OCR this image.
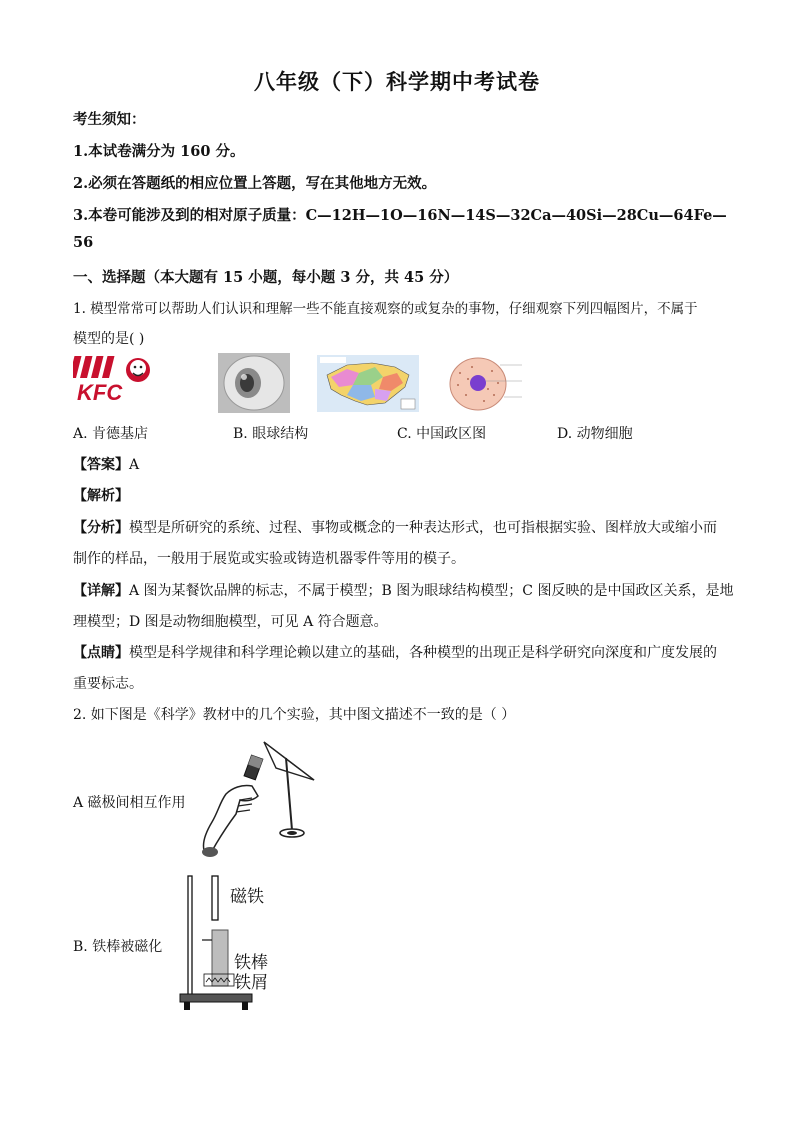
八年级（下）科学期中考试卷
考生须知：
1.本试卷满分为 160 分。
2.必须在答题纸的相应位置上答题，写在其他地方无效。
3.本卷可能涉及到的相对原子质量：C—12H—1O—16N—14S—32Ca—40Si—28Cu—64Fe—
56
一、选择题（本大题有 15 小题，每小题 3 分，共 45 分）
1. 模型常常可以帮助人们认识和理解一些不能直接观察的或复杂的事物，仔细观察下列四幅图片，不属于
模型的是( )
KFC
A. 肯德基店	B. 眼球结构	C. 中国政区图	D. 动物细胞
【答案】A
【解析】
【分析】模型是所研究的系统、过程、事物或概念的一种表达形式，也可指根据实验、图样放大或缩小而
制作的样品，一般用于展览或实验或铸造机器零件等用的模子。
【详解】A 图为某餐饮品牌的标志，不属于模型；B 图为眼球结构模型；C 图反映的是中国政区关系，是地
理模型；D 图是动物细胞模型，可见 A 符合题意。
【点睛】模型是科学规律和科学理论赖以建立的基础，各种模型的出现正是科学研究向深度和广度发展的
重要标志。
2. 如下图是《科学》教材中的几个实验，其中图文描述不一致的是（ ）
A 磁极间相互作用
磁铁
铁棒
铁屑
B. 铁棒被磁化
